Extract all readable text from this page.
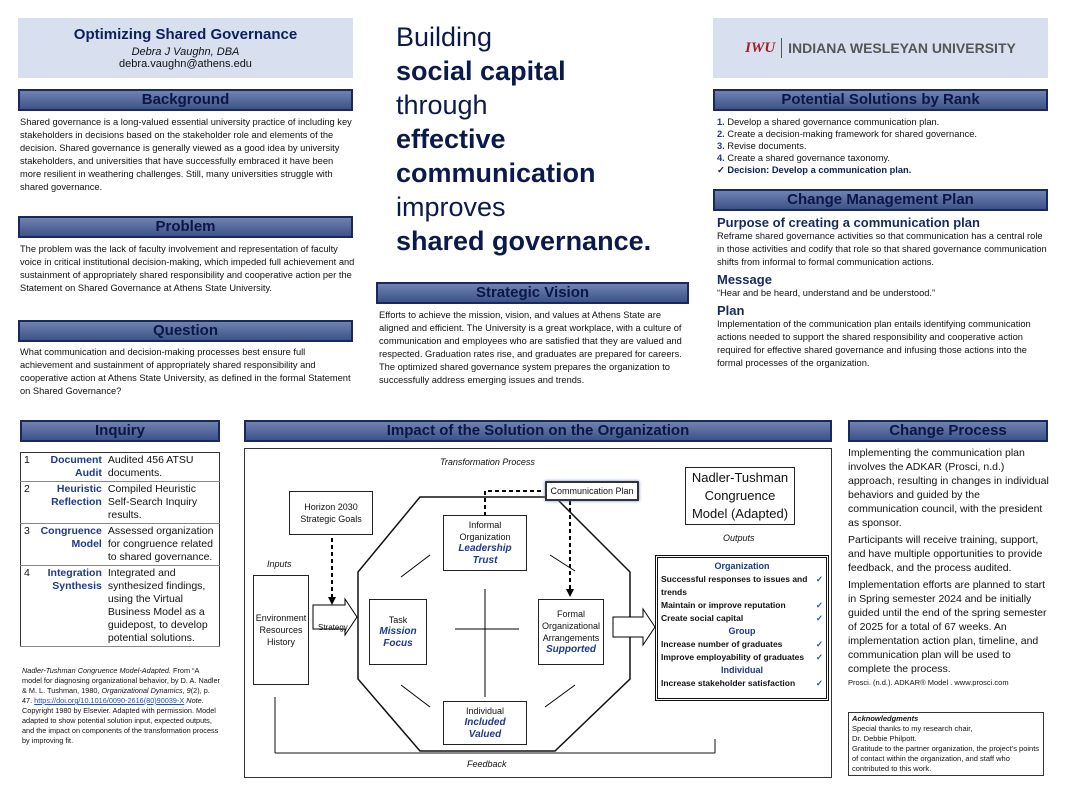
Optimizing Shared Governance
Debra J Vaughn, DBA
debra.vaughn@athens.edu
Building
social capital
through
effective
communication
improves
shared governance.
IWU INDIANA WESLEYAN UNIVERSITY
Background
Shared governance is a long-valued essential university practice of including key stakeholders in decisions based on the stakeholder role and elements of the decision. Shared governance is generally viewed as a good idea by university stakeholders, and universities that have successfully embraced it have been more resilient in weathering challenges. Still, many universities struggle with shared governance.
Problem
The problem was the lack of faculty involvement and representation of faculty voice in critical institutional decision-making, which impeded full achievement and sustainment of appropriately shared responsibility and cooperative action per the Statement on Shared Governance at Athens State University.
Question
What communication and decision-making processes best ensure full achievement and sustainment of appropriately shared responsibility and cooperative action at Athens State University, as defined in the formal Statement on Shared Governance?
Strategic Vision
Efforts to achieve the mission, vision, and values at Athens State are aligned and efficient. The University is a great workplace, with a culture of communication and employees who are satisfied that they are valued and respected. Graduation rates rise, and graduates are prepared for careers. The optimized shared governance system prepares the organization to successfully address emerging issues and trends.
Potential Solutions by Rank
1. Develop a shared governance communication plan.
2. Create a decision-making framework for shared governance.
3. Revise documents.
4. Create a shared governance taxonomy.
✓ Decision: Develop a communication plan.
Change Management Plan
Purpose of creating a communication plan
Reframe shared governance activities so that communication has a central role in those activities and codify that role so that shared governance communication shifts from informal to formal communication actions.
Message
“Hear and be heard, understand and be understood.”
Plan
Implementation of the communication plan entails identifying communication actions needed to support the shared responsibility and cooperative action required for effective shared governance and infusing those actions into the formal processes of the organization.
Inquiry
1	Document Audit	Audited 456 ATSU documents.
2	Heuristic Reflection	Compiled Heuristic Self-Search Inquiry results.
3	Congruence Model	Assessed organization for congruence related to shared governance.
4	Integration Synthesis	Integrated and synthesized findings, using the Virtual Business Model as a guidepost, to develop potential solutions.
Nadler-Tushman Congruence Model-Adapted. From “A model for diagnosing organizational behavior, by D. A. Nadler & M. L. Tushman, 1980, Organizational Dynamics, 9(2), p. 47. https://doi.org/10.1016/0090-2616(80)90039-X Note. Copyright 1980 by Elsevier. Adapted with permission. Model adapted to show potential solution input, expected outputs, and the impact on components of the transformation process by improving fit.
Impact of the Solution on the Organization
Transformation Process
Communication Plan
Nadler-Tushman Congruence Model (Adapted)
Outputs
Horizon 2030 Strategic Goals
Inputs
Environment Resources History
Strategy
Informal Organization
Leadership
Trust
Task
Mission
Focus
Formal Organizational Arrangements
Supported
Individual
Included
Valued
Organization
Successful responses to issues and trends
✓
Maintain or improve reputation	✓
Create social capital	✓
Group
Increase number of graduates	✓
Improve employability of graduates ✓
Individual
Increase stakeholder satisfaction ✓
Feedback
Change Process
Implementing the communication plan involves the ADKAR (Prosci, n.d.) approach, resulting in changes in individual behaviors and guided by the communication council, with the president as sponsor.
Participants will receive training, support, and have multiple opportunities to provide feedback, and the process audited.
Implementation efforts are planned to start in Spring semester 2024 and be initially guided until the end of the spring semester of 2025 for a total of 67 weeks. An implementation action plan, timeline, and communication plan will be used to complete the process.
Prosci. (n.d.). ADKAR® Model . www.prosci.com
Acknowledgments
Special thanks to my research chair,
Dr. Debbie Philpott.
Gratitude to the partner organization, the project’s points of contact within the organization, and staff who contributed to this work.
